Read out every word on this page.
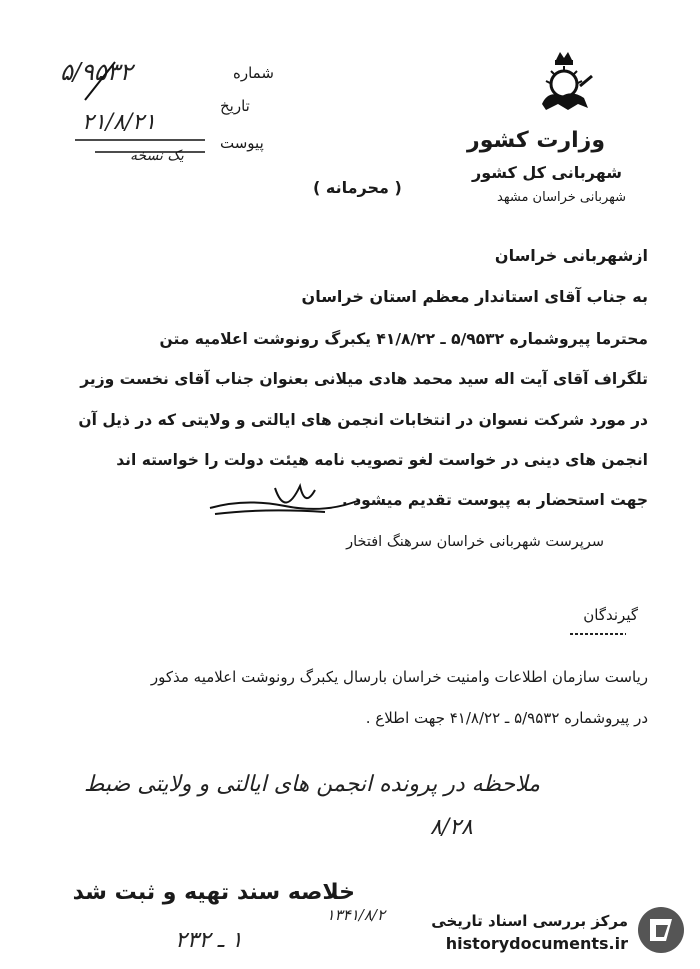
وزارت کشور
شهربانی کل کشور
شهربانی خراسان مشهد
شماره
تاریخ
پیوست
۵/۹۵۳۲
۲۱/۸/۲۱
یک نسخه
( محرمانه )
ازشهربانی خراسان
به جناب آقای استاندار معظم استان خراسان
محترما پیروشماره ۵/۹۵۳۲ ـ ۴۱/۸/۲۲ یکبرگ رونوشت اعلامیه متن
تلگراف آقای آیت اله سید محمد هادی میلانی بعنوان جناب آقای نخست وزیر
در مورد شرکت نسوان در انتخابات انجمن های ایالتی و ولایتی که در ذیل آن
انجمن های دینی در خواست لغو تصویب نامه هیئت دولت را خواسته اند
جهت استحضار به پیوست تقدیم میشود .
سرپرست شهربانی خراسان سرهنگ افتخار
گیرندگان
ریاست سازمان اطلاعات وامنیت خراسان بارسال یکبرگ رونوشت اعلامیه مذکور
در پیروشماره ۵/۹۵۳۲ ـ ۴۱/۸/۲۲ جهت اطلاع .
ملاحظه در پرونده انجمن های ایالتی و ولایتی ضبط
۸/۲۸
خلاصه سند تهیه و ثبت شد
۱۳۴۱/۸/۲
۱ ـ ۲۳۲
مرکز بررسی اسناد تاریخی
historydocuments.ir
